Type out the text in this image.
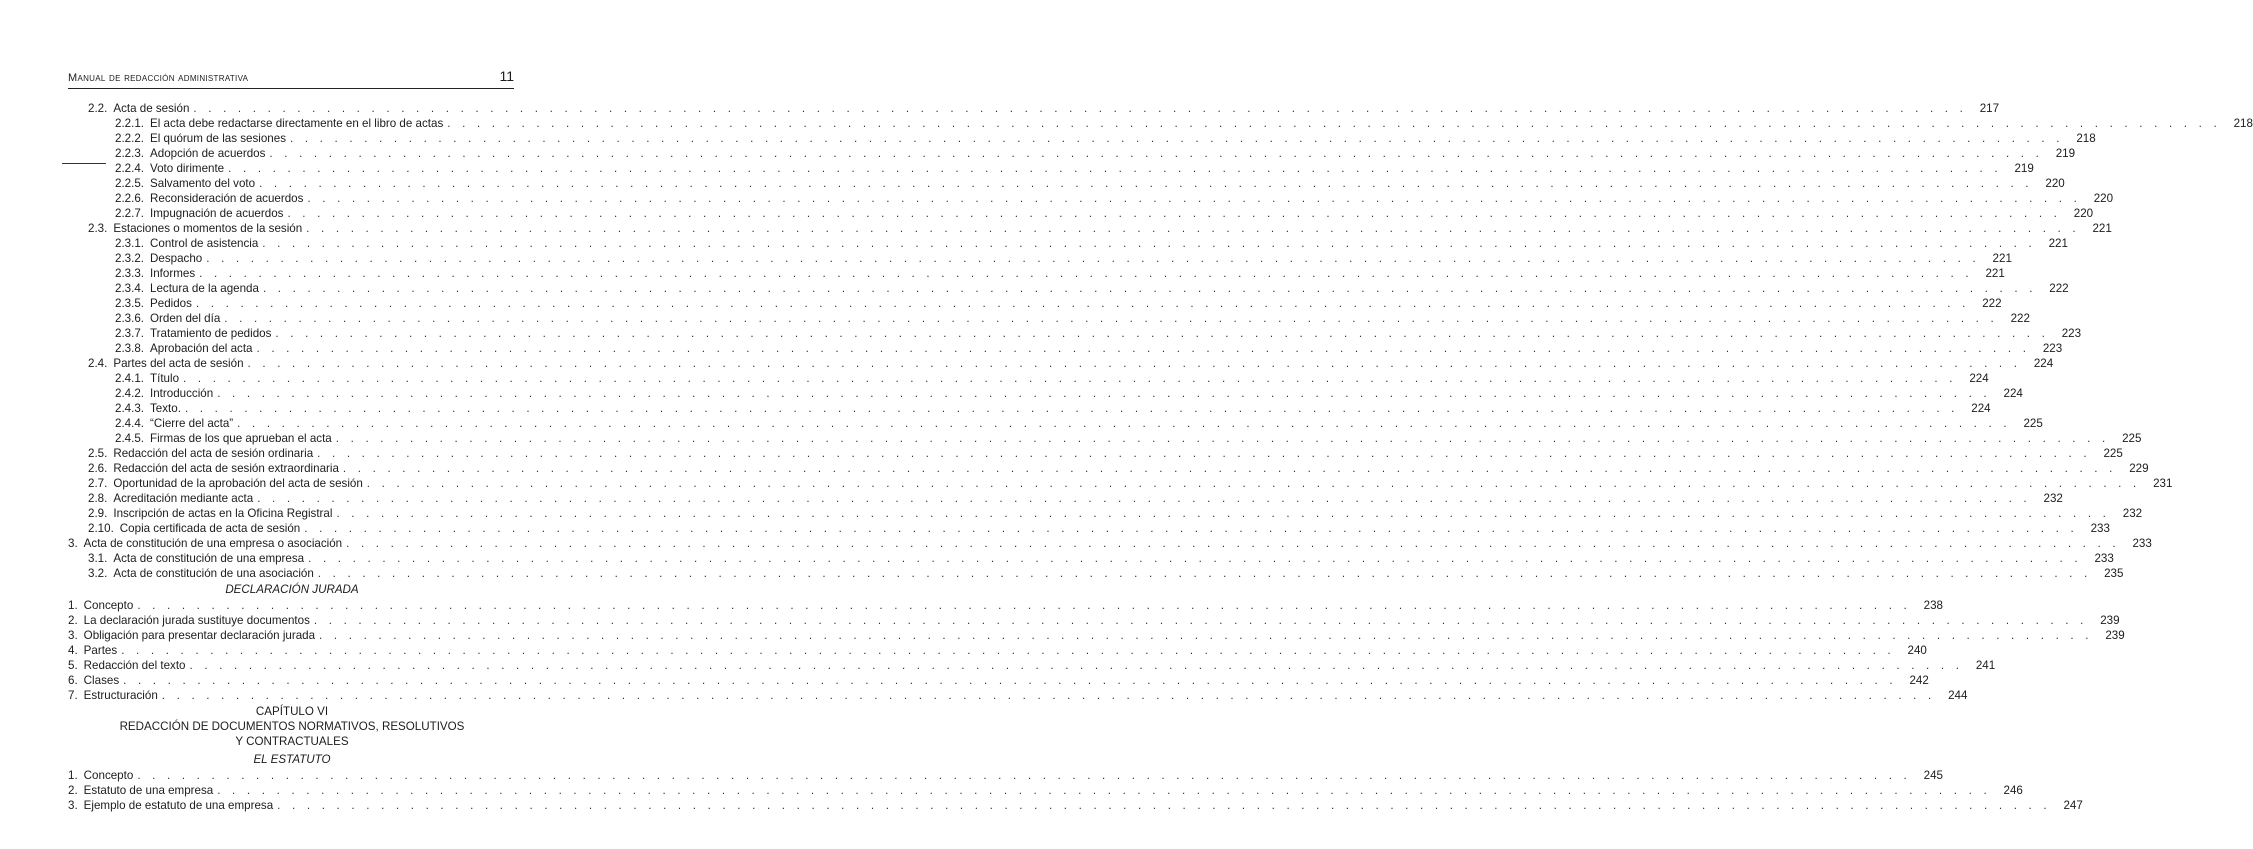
Manual de redacción administrativa	11
2.2. Acta de sesión . . . . . . . . . . . . . . . . . . . . . . . . . . . . . . . . . . . . . . . . . . . . . . . . . . . . . . . . . . . . . . . . . . . . . . . . . . . . . . . . . . . . . . . . . . . . . . . . . . . . . . . . . . . . . . . . . . . . . . . .	217
2.2.1. El acta debe redactarse directamente en el libro de actas . . . . . . . . . . . . . . . . . . . . . . . . . . . . . . . . . . . . . . . . . . . . . . . . . . . . . . . . . . . . . . . . . . . . . . . . . . . . . . . . . . . . . . . . . . . . . . . . . . . . . . . . . . . . . . . . . . . . . . . .	218
2.2.2. El quórum de las sesiones . . . . . . . . . . . . . . . . . . . . . . . . . . . . . . . . . . . . . . . . . . . . . . . . . . . . . . . . . . . . . . . . . . . . . . . . . . . . . . . . . . . . . . . . . . . . . . . . . . . . . . . . . . . . . . . . . . . . . . . .	218
2.2.3. Adopción de acuerdos . . . . . . . . . . . . . . . . . . . . . . . . . . . . . . . . . . . . . . . . . . . . . . . . . . . . . . . . . . . . . . . . . . . . . . . . . . . . . . . . . . . . . . . . . . . . . . . . . . . . . . . . . . . . . . . . . . . . . . . .	219
2.2.4. Voto dirimente . . . . . . . . . . . . . . . . . . . . . . . . . . . . . . . . . . . . . . . . . . . . . . . . . . . . . . . . . . . . . . . . . . . . . . . . . . . . . . . . . . . . . . . . . . . . . . . . . . . . . . . . . . . . . . . . . . . . . . . .	219
2.2.5. Salvamento del voto . . . . . . . . . . . . . . . . . . . . . . . . . . . . . . . . . . . . . . . . . . . . . . . . . . . . . . . . . . . . . . . . . . . . . . . . . . . . . . . . . . . . . . . . . . . . . . . . . . . . . . . . . . . . . . . . . . . . . . . .	220
2.2.6. Reconsideración de acuerdos . . . . . . . . . . . . . . . . . . . . . . . . . . . . . . . . . . . . . . . . . . . . . . . . . . . . . . . . . . . . . . . . . . . . . . . . . . . . . . . . . . . . . . . . . . . . . . . . . . . . . . . . . . . . . . . . . . . . . . . .	220
2.2.7. Impugnación de acuerdos . . . . . . . . . . . . . . . . . . . . . . . . . . . . . . . . . . . . . . . . . . . . . . . . . . . . . . . . . . . . . . . . . . . . . . . . . . . . . . . . . . . . . . . . . . . . . . . . . . . . . . . . . . . . . . . . . . . . . . . .	220
2.3. Estaciones o momentos de la sesión . . . . . . . . . . . . . . . . . . . . . . . . . . . . . . . . . . . . . . . . . . . . . . . . . . . . . . . . . . . . . . . . . . . . . . . . . . . . . . . . . . . . . . . . . . . . . . . . . . . . . . . . . . . . . . . . . . . . . . . .	221
2.3.1. Control de asistencia . . . . . . . . . . . . . . . . . . . . . . . . . . . . . . . . . . . . . . . . . . . . . . . . . . . . . . . . . . . . . . . . . . . . . . . . . . . . . . . . . . . . . . . . . . . . . . . . . . . . . . . . . . . . . . . . . . . . . . . .	221
2.3.2. Despacho . . . . . . . . . . . . . . . . . . . . . . . . . . . . . . . . . . . . . . . . . . . . . . . . . . . . . . . . . . . . . . . . . . . . . . . . . . . . . . . . . . . . . . . . . . . . . . . . . . . . . . . . . . . . . . . . . . . . . . . .	221
2.3.3. Informes . . . . . . . . . . . . . . . . . . . . . . . . . . . . . . . . . . . . . . . . . . . . . . . . . . . . . . . . . . . . . . . . . . . . . . . . . . . . . . . . . . . . . . . . . . . . . . . . . . . . . . . . . . . . . . . . . . . . . . . .	221
2.3.4. Lectura de la agenda . . . . . . . . . . . . . . . . . . . . . . . . . . . . . . . . . . . . . . . . . . . . . . . . . . . . . . . . . . . . . . . . . . . . . . . . . . . . . . . . . . . . . . . . . . . . . . . . . . . . . . . . . . . . . . . . . . . . . . . .	222
2.3.5. Pedidos . . . . . . . . . . . . . . . . . . . . . . . . . . . . . . . . . . . . . . . . . . . . . . . . . . . . . . . . . . . . . . . . . . . . . . . . . . . . . . . . . . . . . . . . . . . . . . . . . . . . . . . . . . . . . . . . . . . . . . . .	222
2.3.6. Orden del día . . . . . . . . . . . . . . . . . . . . . . . . . . . . . . . . . . . . . . . . . . . . . . . . . . . . . . . . . . . . . . . . . . . . . . . . . . . . . . . . . . . . . . . . . . . . . . . . . . . . . . . . . . . . . . . . . . . . . . . .	222
2.3.7. Tratamiento de pedidos . . . . . . . . . . . . . . . . . . . . . . . . . . . . . . . . . . . . . . . . . . . . . . . . . . . . . . . . . . . . . . . . . . . . . . . . . . . . . . . . . . . . . . . . . . . . . . . . . . . . . . . . . . . . . . . . . . . . . . . .	223
2.3.8. Aprobación del acta . . . . . . . . . . . . . . . . . . . . . . . . . . . . . . . . . . . . . . . . . . . . . . . . . . . . . . . . . . . . . . . . . . . . . . . . . . . . . . . . . . . . . . . . . . . . . . . . . . . . . . . . . . . . . . . . . . . . . . . .	223
2.4. Partes del acta de sesión . . . . . . . . . . . . . . . . . . . . . . . . . . . . . . . . . . . . . . . . . . . . . . . . . . . . . . . . . . . . . . . . . . . . . . . . . . . . . . . . . . . . . . . . . . . . . . . . . . . . . . . . . . . . . . . . . . . . . . . .	224
2.4.1. Título . . . . . . . . . . . . . . . . . . . . . . . . . . . . . . . . . . . . . . . . . . . . . . . . . . . . . . . . . . . . . . . . . . . . . . . . . . . . . . . . . . . . . . . . . . . . . . . . . . . . . . . . . . . . . . . . . . . . . . . .	224
2.4.2. Introducción . . . . . . . . . . . . . . . . . . . . . . . . . . . . . . . . . . . . . . . . . . . . . . . . . . . . . . . . . . . . . . . . . . . . . . . . . . . . . . . . . . . . . . . . . . . . . . . . . . . . . . . . . . . . . . . . . . . . . . . .	224
2.4.3. Texto. . . . . . . . . . . . . . . . . . . . . . . . . . . . . . . . . . . . . . . . . . . . . . . . . . . . . . . . . . . . . . . . . . . . . . . . . . . . . . . . . . . . . . . . . . . . . . . . . . . . . . . . . . . . . . . . . . . . . . . . .	224
2.4.4. “Cierre del acta” . . . . . . . . . . . . . . . . . . . . . . . . . . . . . . . . . . . . . . . . . . . . . . . . . . . . . . . . . . . . . . . . . . . . . . . . . . . . . . . . . . . . . . . . . . . . . . . . . . . . . . . . . . . . . . . . . . . . . . . .	225
2.4.5. Firmas de los que aprueban el acta . . . . . . . . . . . . . . . . . . . . . . . . . . . . . . . . . . . . . . . . . . . . . . . . . . . . . . . . . . . . . . . . . . . . . . . . . . . . . . . . . . . . . . . . . . . . . . . . . . . . . . . . . . . . . . . . . . . . . . . .	225
2.5. Redacción del acta de sesión ordinaria . . . . . . . . . . . . . . . . . . . . . . . . . . . . . . . . . . . . . . . . . . . . . . . . . . . . . . . . . . . . . . . . . . . . . . . . . . . . . . . . . . . . . . . . . . . . . . . . . . . . . . . . . . . . . . . . . . . . . . . .	225
2.6. Redacción del acta de sesión extraordinaria . . . . . . . . . . . . . . . . . . . . . . . . . . . . . . . . . . . . . . . . . . . . . . . . . . . . . . . . . . . . . . . . . . . . . . . . . . . . . . . . . . . . . . . . . . . . . . . . . . . . . . . . . . . . . . . . . . . . . . . .	229
2.7. Oportunidad de la aprobación del acta de sesión . . . . . . . . . . . . . . . . . . . . . . . . . . . . . . . . . . . . . . . . . . . . . . . . . . . . . . . . . . . . . . . . . . . . . . . . . . . . . . . . . . . . . . . . . . . . . . . . . . . . . . . . . . . . . . . . . . . . . . . .	231
2.8. Acreditación mediante acta . . . . . . . . . . . . . . . . . . . . . . . . . . . . . . . . . . . . . . . . . . . . . . . . . . . . . . . . . . . . . . . . . . . . . . . . . . . . . . . . . . . . . . . . . . . . . . . . . . . . . . . . . . . . . . . . . . . . . . . .	232
2.9. Inscripción de actas en la Oficina Registral . . . . . . . . . . . . . . . . . . . . . . . . . . . . . . . . . . . . . . . . . . . . . . . . . . . . . . . . . . . . . . . . . . . . . . . . . . . . . . . . . . . . . . . . . . . . . . . . . . . . . . . . . . . . . . . . . . . . . . . .	232
2.10. Copia certificada de acta de sesión . . . . . . . . . . . . . . . . . . . . . . . . . . . . . . . . . . . . . . . . . . . . . . . . . . . . . . . . . . . . . . . . . . . . . . . . . . . . . . . . . . . . . . . . . . . . . . . . . . . . . . . . . . . . . . . . . . . . . . . .	233
3. Acta de constitución de una empresa o asociación . . . . . . . . . . . . . . . . . . . . . . . . . . . . . . . . . . . . . . . . . . . . . . . . . . . . . . . . . . . . . . . . . . . . . . . . . . . . . . . . . . . . . . . . . . . . . . . . . . . . . . . . . . . . . . . . . . . . . . . .	233
3.1. Acta de constitución de una empresa . . . . . . . . . . . . . . . . . . . . . . . . . . . . . . . . . . . . . . . . . . . . . . . . . . . . . . . . . . . . . . . . . . . . . . . . . . . . . . . . . . . . . . . . . . . . . . . . . . . . . . . . . . . . . . . . . . . . . . . .	233
3.2. Acta de constitución de una asociación . . . . . . . . . . . . . . . . . . . . . . . . . . . . . . . . . . . . . . . . . . . . . . . . . . . . . . . . . . . . . . . . . . . . . . . . . . . . . . . . . . . . . . . . . . . . . . . . . . . . . . . . . . . . . . . . . . . . . . . .	235
DECLARACIÓN JURADA
1. Concepto . . . . . . . . . . . . . . . . . . . . . . . . . . . . . . . . . . . . . . . . . . . . . . . . . . . . . . . . . . . . . . . . . . . . . . . . . . . . . . . . . . . . . . . . . . . . . . . . . . . . . . . . . . . . . . . . . . . . . . . .	238
2. La declaración jurada sustituye documentos . . . . . . . . . . . . . . . . . . . . . . . . . . . . . . . . . . . . . . . . . . . . . . . . . . . . . . . . . . . . . . . . . . . . . . . . . . . . . . . . . . . . . . . . . . . . . . . . . . . . . . . . . . . . . . . . . . . . . . . .	239
3. Obligación para presentar declaración jurada . . . . . . . . . . . . . . . . . . . . . . . . . . . . . . . . . . . . . . . . . . . . . . . . . . . . . . . . . . . . . . . . . . . . . . . . . . . . . . . . . . . . . . . . . . . . . . . . . . . . . . . . . . . . . . . . . . . . . . . .	239
4. Partes . . . . . . . . . . . . . . . . . . . . . . . . . . . . . . . . . . . . . . . . . . . . . . . . . . . . . . . . . . . . . . . . . . . . . . . . . . . . . . . . . . . . . . . . . . . . . . . . . . . . . . . . . . . . . . . . . . . . . . . .	240
5. Redacción del texto . . . . . . . . . . . . . . . . . . . . . . . . . . . . . . . . . . . . . . . . . . . . . . . . . . . . . . . . . . . . . . . . . . . . . . . . . . . . . . . . . . . . . . . . . . . . . . . . . . . . . . . . . . . . . . . . . . . . . . . .	241
6. Clases . . . . . . . . . . . . . . . . . . . . . . . . . . . . . . . . . . . . . . . . . . . . . . . . . . . . . . . . . . . . . . . . . . . . . . . . . . . . . . . . . . . . . . . . . . . . . . . . . . . . . . . . . . . . . . . . . . . . . . . .	242
7. Estructuración . . . . . . . . . . . . . . . . . . . . . . . . . . . . . . . . . . . . . . . . . . . . . . . . . . . . . . . . . . . . . . . . . . . . . . . . . . . . . . . . . . . . . . . . . . . . . . . . . . . . . . . . . . . . . . . . . . . . . . . .	244
CAPÍTULO VI
REDACCIÓN DE DOCUMENTOS NORMATIVOS, RESOLUTIVOS
Y CONTRACTUALES
EL ESTATUTO
1. Concepto . . . . . . . . . . . . . . . . . . . . . . . . . . . . . . . . . . . . . . . . . . . . . . . . . . . . . . . . . . . . . . . . . . . . . . . . . . . . . . . . . . . . . . . . . . . . . . . . . . . . . . . . . . . . . . . . . . . . . . . .	245
2. Estatuto de una empresa . . . . . . . . . . . . . . . . . . . . . . . . . . . . . . . . . . . . . . . . . . . . . . . . . . . . . . . . . . . . . . . . . . . . . . . . . . . . . . . . . . . . . . . . . . . . . . . . . . . . . . . . . . . . . . . . . . . . . . . .	246
3. Ejemplo de estatuto de una empresa . . . . . . . . . . . . . . . . . . . . . . . . . . . . . . . . . . . . . . . . . . . . . . . . . . . . . . . . . . . . . . . . . . . . . . . . . . . . . . . . . . . . . . . . . . . . . . . . . . . . . . . . . . . . . . . . . . . . . . . .	247
